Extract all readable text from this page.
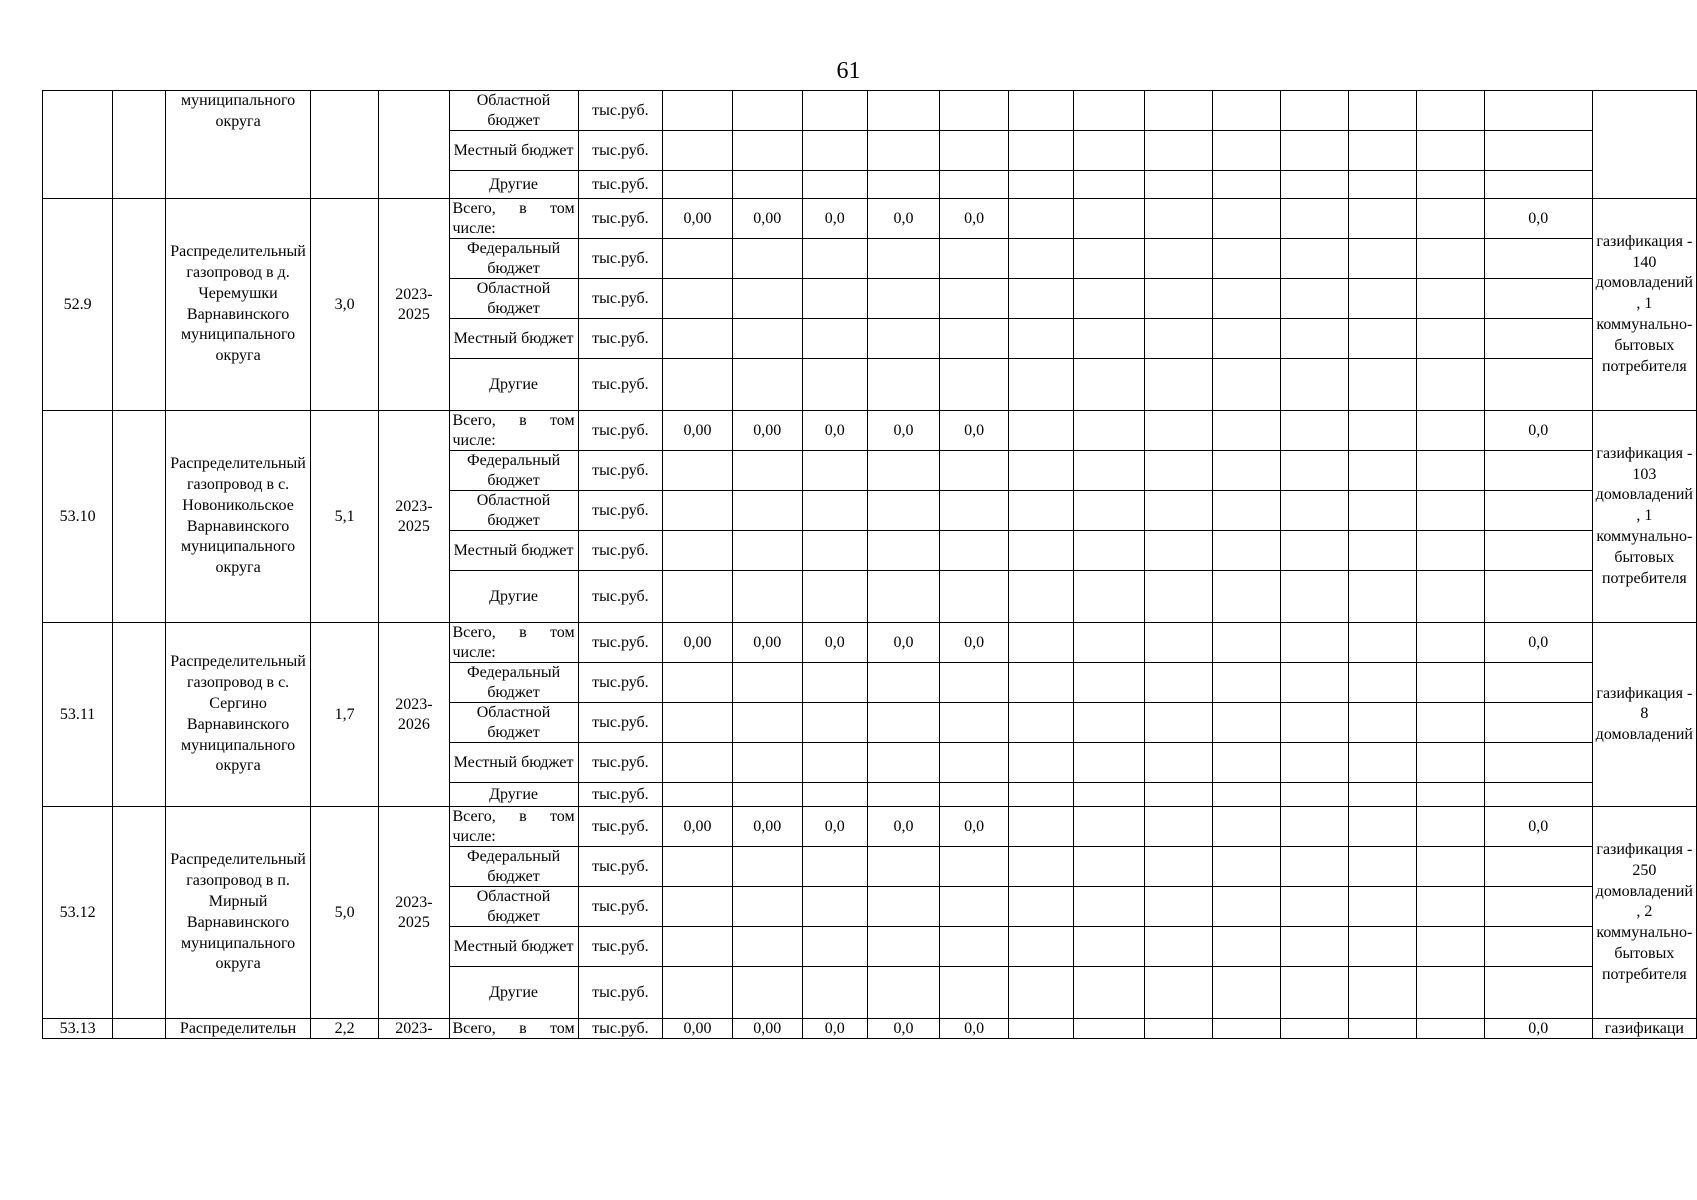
61
		муниципального округа			Областной бюджет	тыс.руб.														
					Местный бюджет	тыс.руб.														
					Другие	тыс.руб.														
52.9		Распределительный газопровод в д. Черемушки Варнавинского муниципального округа	3,0	2023-2025	Всего, в том
числе:	тыс.руб.	0,00	0,00	0,0	0,0	0,0								0,0	газификация - 140 домовладений , 1 коммунально-бытовых потребителя
					Федеральный бюджет	тыс.руб.														
					Областной бюджет	тыс.руб.														
					Местный бюджет	тыс.руб.														
					Другие	тыс.руб.														
53.10		Распределительный газопровод в с. Новоникольское Варнавинского муниципального округа	5,1	2023-2025	Всего, в том
числе:	тыс.руб.	0,00	0,00	0,0	0,0	0,0								0,0	газификация - 103 домовладений , 1 коммунально-бытовых потребителя
					Федеральный бюджет	тыс.руб.														
					Областной бюджет	тыс.руб.														
					Местный бюджет	тыс.руб.														
					Другие	тыс.руб.														
53.11		Распределительный газопровод в с. Сергино Варнавинского муниципального округа	1,7	2023-2026	Всего, в том
числе:	тыс.руб.	0,00	0,00	0,0	0,0	0,0								0,0	газификация - 8 домовладений
					Федеральный бюджет	тыс.руб.														
					Областной бюджет	тыс.руб.														
					Местный бюджет	тыс.руб.														
					Другие	тыс.руб.														
53.12		Распределительный газопровод в п. Мирный Варнавинского муниципального округа	5,0	2023-2025	Всего, в том
числе:	тыс.руб.	0,00	0,00	0,0	0,0	0,0								0,0	газификация - 250 домовладений , 2 коммунально-бытовых потребителя
					Федеральный бюджет	тыс.руб.														
					Областной бюджет	тыс.руб.														
					Местный бюджет	тыс.руб.														
					Другие	тыс.руб.														
53.13		Распределительн	2,2	2023-	Всего, в том	тыс.руб.	0,00	0,00	0,0	0,0	0,0								0,0	газификаци
